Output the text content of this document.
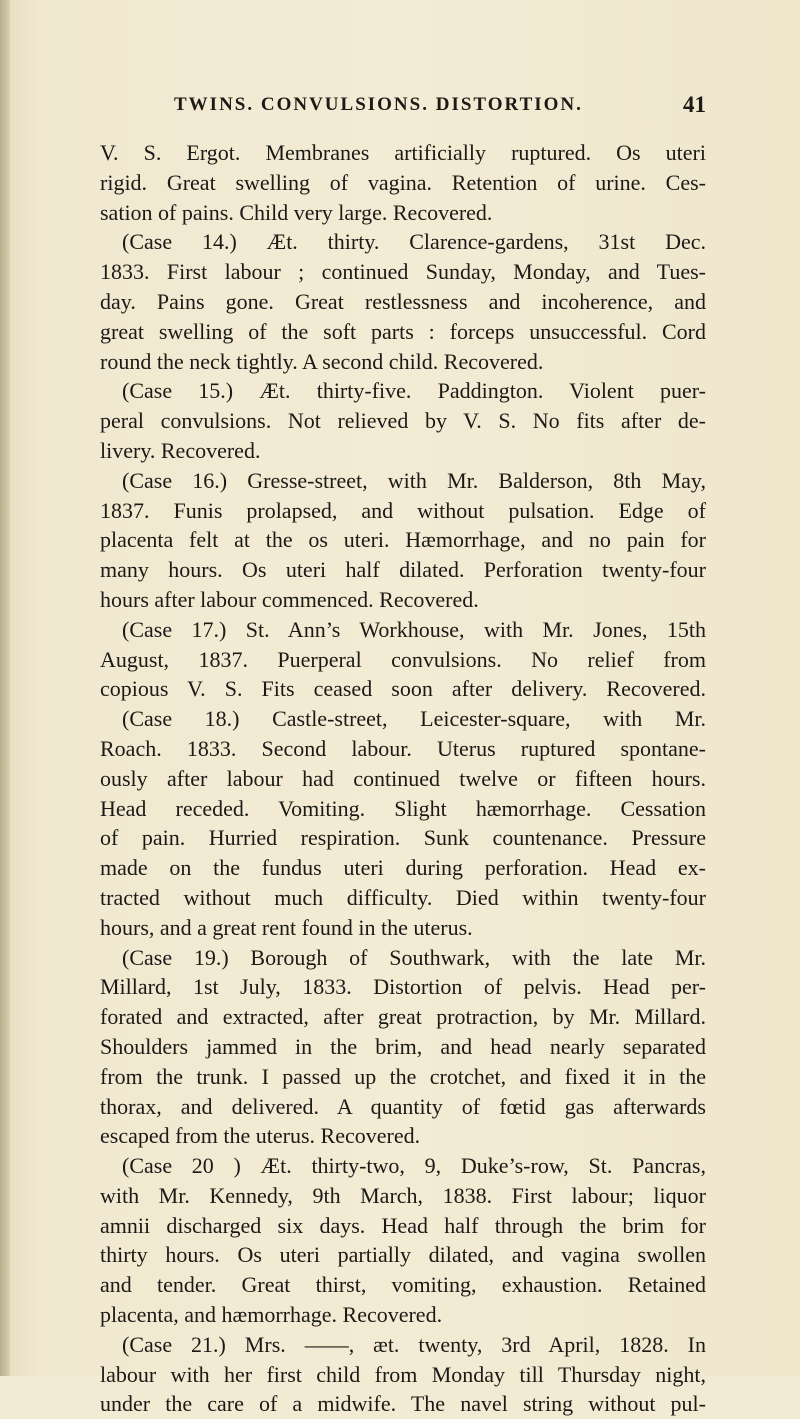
TWINS. CONVULSIONS. DISTORTION.	41
V. S. Ergot. Membranes artificially ruptured. Os uteri
rigid. Great swelling of vagina. Retention of urine. Ces-
sation of pains. Child very large. Recovered.
(Case 14.) Æt. thirty. Clarence-gardens, 31st Dec.
1833. First labour ; continued Sunday, Monday, and Tues-
day. Pains gone. Great restlessness and incoherence, and
great swelling of the soft parts : forceps unsuccessful. Cord
round the neck tightly. A second child. Recovered.
(Case 15.) Æt. thirty-five. Paddington. Violent puer-
peral convulsions. Not relieved by V. S. No fits after de-
livery. Recovered.
(Case 16.) Gresse-street, with Mr. Balderson, 8th May,
1837. Funis prolapsed, and without pulsation. Edge of
placenta felt at the os uteri. Hæmorrhage, and no pain for
many hours. Os uteri half dilated. Perforation twenty-four
hours after labour commenced. Recovered.
(Case 17.) St. Ann’s Workhouse, with Mr. Jones, 15th
August, 1837. Puerperal convulsions. No relief from
copious V. S. Fits ceased soon after delivery. Recovered.
(Case 18.) Castle-street, Leicester-square, with Mr.
Roach. 1833. Second labour. Uterus ruptured spontane-
ously after labour had continued twelve or fifteen hours.
Head receded. Vomiting. Slight hæmorrhage. Cessation
of pain. Hurried respiration. Sunk countenance. Pressure
made on the fundus uteri during perforation. Head ex-
tracted without much difficulty. Died within twenty-four
hours, and a great rent found in the uterus.
(Case 19.) Borough of Southwark, with the late Mr.
Millard, 1st July, 1833. Distortion of pelvis. Head per-
forated and extracted, after great protraction, by Mr. Millard.
Shoulders jammed in the brim, and head nearly separated
from the trunk. I passed up the crotchet, and fixed it in the
thorax, and delivered. A quantity of fœtid gas afterwards
escaped from the uterus. Recovered.
(Case 20 ) Æt. thirty-two, 9, Duke’s-row, St. Pancras,
with Mr. Kennedy, 9th March, 1838. First labour; liquor
amnii discharged six days. Head half through the brim for
thirty hours. Os uteri partially dilated, and vagina swollen
and tender. Great thirst, vomiting, exhaustion. Retained
placenta, and hæmorrhage. Recovered.
(Case 21.) Mrs. ——, æt. twenty, 3rd April, 1828. In
labour with her first child from Monday till Thursday night,
under the care of a midwife. The navel string without pul-
